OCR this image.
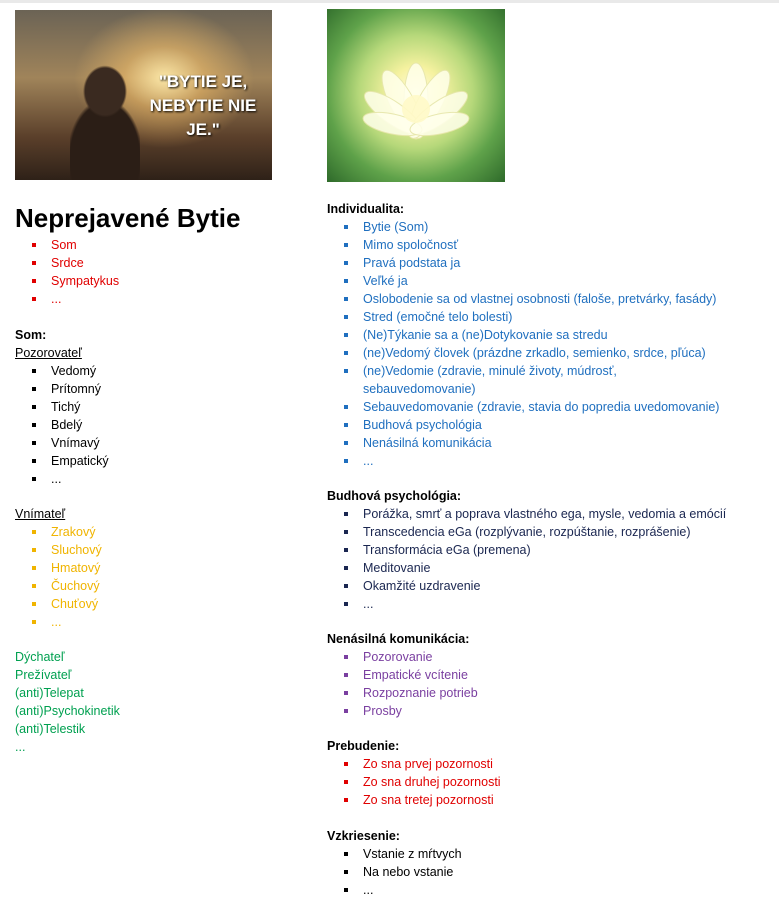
"BYTIE JE,
NEBYTIE NIE JE."
Neprejavené Bytie
Som
Srdce
Sympatykus
...
Som:
Pozorovateľ
Vedomý
Prítomný
Tichý
Bdelý
Vnímavý
Empatický
...
Vnímateľ
Zrakový
Sluchový
Hmatový
Čuchový
Chuťový
...
Dýchateľ
Prežívateľ
(anti)Telepat
(anti)Psychokinetik
(anti)Telestik
...
Individualita:
Bytie (Som)
Mimo spoločnosť
Pravá podstata ja
Veľké ja
Oslobodenie sa od vlastnej osobnosti (faloše, pretvárky, fasády)
Stred (emočné telo bolesti)
(Ne)Týkanie sa a (ne)Dotykovanie sa stredu
(ne)Vedomý človek (prázdne zrkadlo, semienko, srdce, pľúca)
(ne)Vedomie (zdravie, minulé životy, múdrosť, sebauvedomovanie)
Sebauvedomovanie (zdravie, stavia do popredia uvedomovanie)
Budhová psychológia
Nenásilná komunikácia
...
Budhová psychológia:
Porážka, smrť a poprava vlastného ega, mysle, vedomia a emócií
Transcedencia eGa (rozplývanie, rozpúštanie, rozprášenie)
Transformácia eGa (premena)
Meditovanie
Okamžité uzdravenie
...
Nenásilná komunikácia:
Pozorovanie
Empatické vcítenie
Rozpoznanie potrieb
Prosby
Prebudenie:
Zo sna prvej pozornosti
Zo sna druhej pozornosti
Zo sna tretej pozornosti
Vzkriesenie:
Vstanie z mŕtvych
Na nebo vstanie
...
